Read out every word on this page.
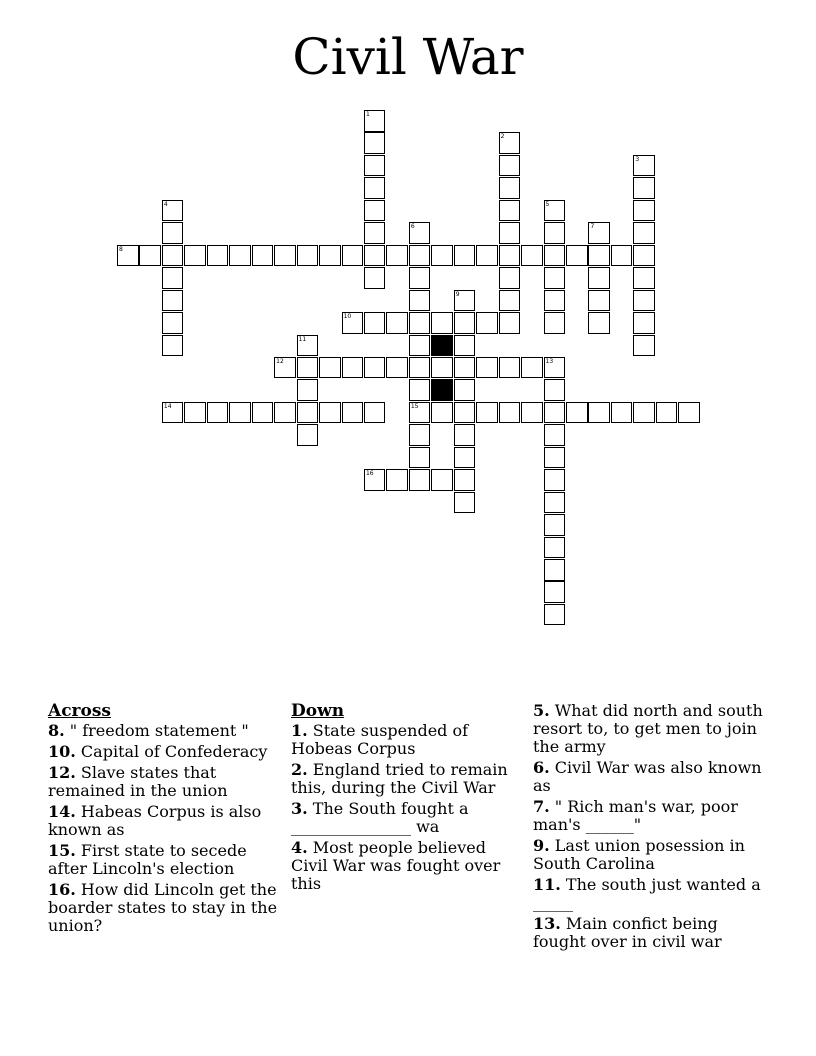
Civil War
1
2
3
4	5
6
15
7
8
9
10
11
12	13
14
16
Across
8. " freedom statement "
10. Capital of Confederacy
12. Slave states that remained in the union
14. Habeas Corpus is also known as
15. First state to secede after Lincoln's election
16. How did Lincoln get the boarder states to stay in the union?
Down
1. State suspended of Hobeas Corpus
2. England tried to remain this, during the Civil War
3. The South fought a _______________ wa
4. Most people believed Civil War was fought over this
5. What did north and south resort to, to get men to join the army
6. Civil War was also known as
7. " Rich man's war, poor man's ______"
9. Last union posession in South Carolina
11. The south just wanted a _____
13. Main confict being fought over in civil war
